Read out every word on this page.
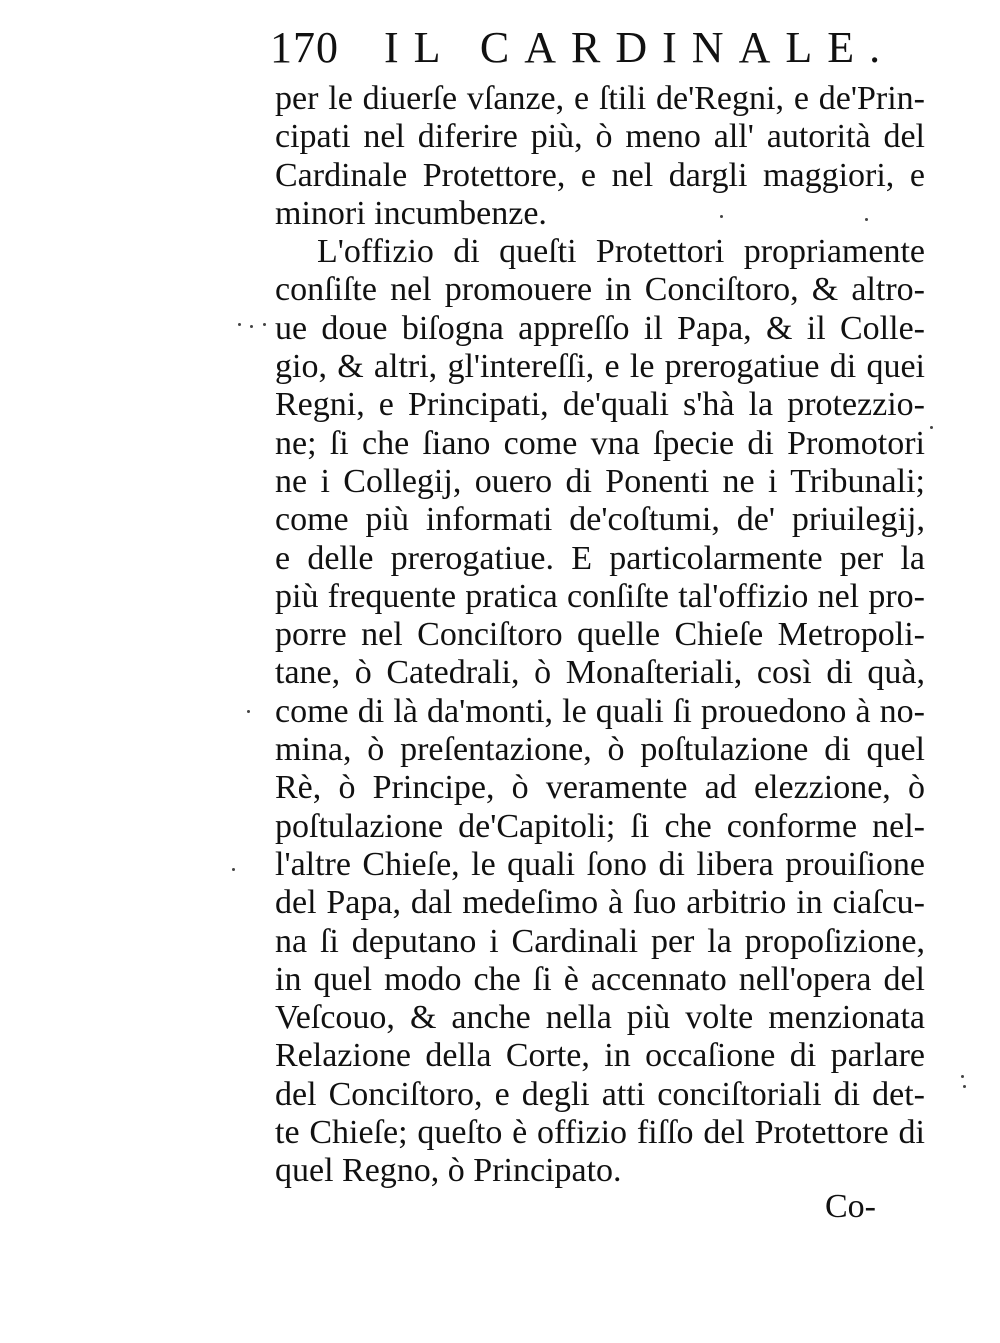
170 IL CARDINALE.
per le diuerſe vſanze, e ſtili de'Regni, e de'Prin-
cipati nel diferire più, ò meno all' autorità del
Cardinale Protettore, e nel dargli maggiori, e
minori incumbenze.
L'offizio di queſti Protettori propriamente
conſiſte nel promouere in Conciſtoro, & altro-
ue doue biſogna appreſſo il Papa, & il Colle-
gio, & altri, gl'intereſſi, e le prerogatiue di quei
Regni, e Principati, de'quali s'hà la protezzio-
ne; ſi che ſiano come vna ſpecie di Promotori
ne i Collegij, ouero di Ponenti ne i Tribunali;
come più informati de'coſtumi, de' priuilegij,
e delle prerogatiue. E particolarmente per la
più frequente pratica conſiſte tal'offizio nel pro-
porre nel Conciſtoro quelle Chieſe Metropoli-
tane, ò Catedrali, ò Monaſteriali, così di quà,
come di là da'monti, le quali ſi prouedono à no-
mina, ò preſentazione, ò poſtulazione di quel
Rè, ò Principe, ò veramente ad elezzione, ò
poſtulazione de'Capitoli; ſi che conforme nel-
l'altre Chieſe, le quali ſono di libera prouiſione
del Papa, dal medeſimo à ſuo arbitrio in ciaſcu-
na ſi deputano i Cardinali per la propoſizione,
in quel modo che ſi è accennato nell'opera del
Veſcouo, & anche nella più volte menzionata
Relazione della Corte, in occaſione di parlare
del Conciſtoro, e degli atti conciſtoriali di det-
te Chieſe; queſto è offizio fiſſo del Protettore di
quel Regno, ò Principato.
Co-
